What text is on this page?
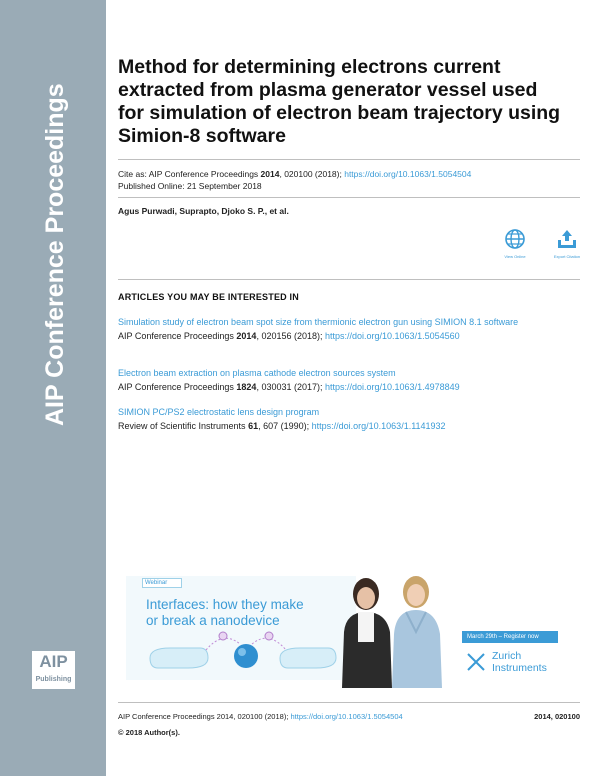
AIP Conference Proceedings
AIP
Publishing
Method for determining electrons current extracted from plasma generator vessel used for simulation of electron beam trajectory using Simion-8 software
Cite as: AIP Conference Proceedings 2014, 020100 (2018); https://doi.org/10.1063/1.5054504
Published Online: 21 September 2018
Agus Purwadi, Suprapto, Djoko S. P., et al.
View Online	Export Citation
ARTICLES YOU MAY BE INTERESTED IN
Simulation study of electron beam spot size from thermionic electron gun using SIMION 8.1 software
AIP Conference Proceedings 2014, 020156 (2018); https://doi.org/10.1063/1.5054560
Electron beam extraction on plasma cathode electron sources system
AIP Conference Proceedings 1824, 030031 (2017); https://doi.org/10.1063/1.4978849
SIMION PC/PS2 electrostatic lens design program
Review of Scientific Instruments 61, 607 (1990); https://doi.org/10.1063/1.1141932
Webinar
Interfaces: how they make
or break a nanodevice
March 29th – Register now
Zurich
Instruments
AIP Conference Proceedings 2014, 020100 (2018); https://doi.org/10.1063/1.5054504	2014, 020100
© 2018 Author(s).
